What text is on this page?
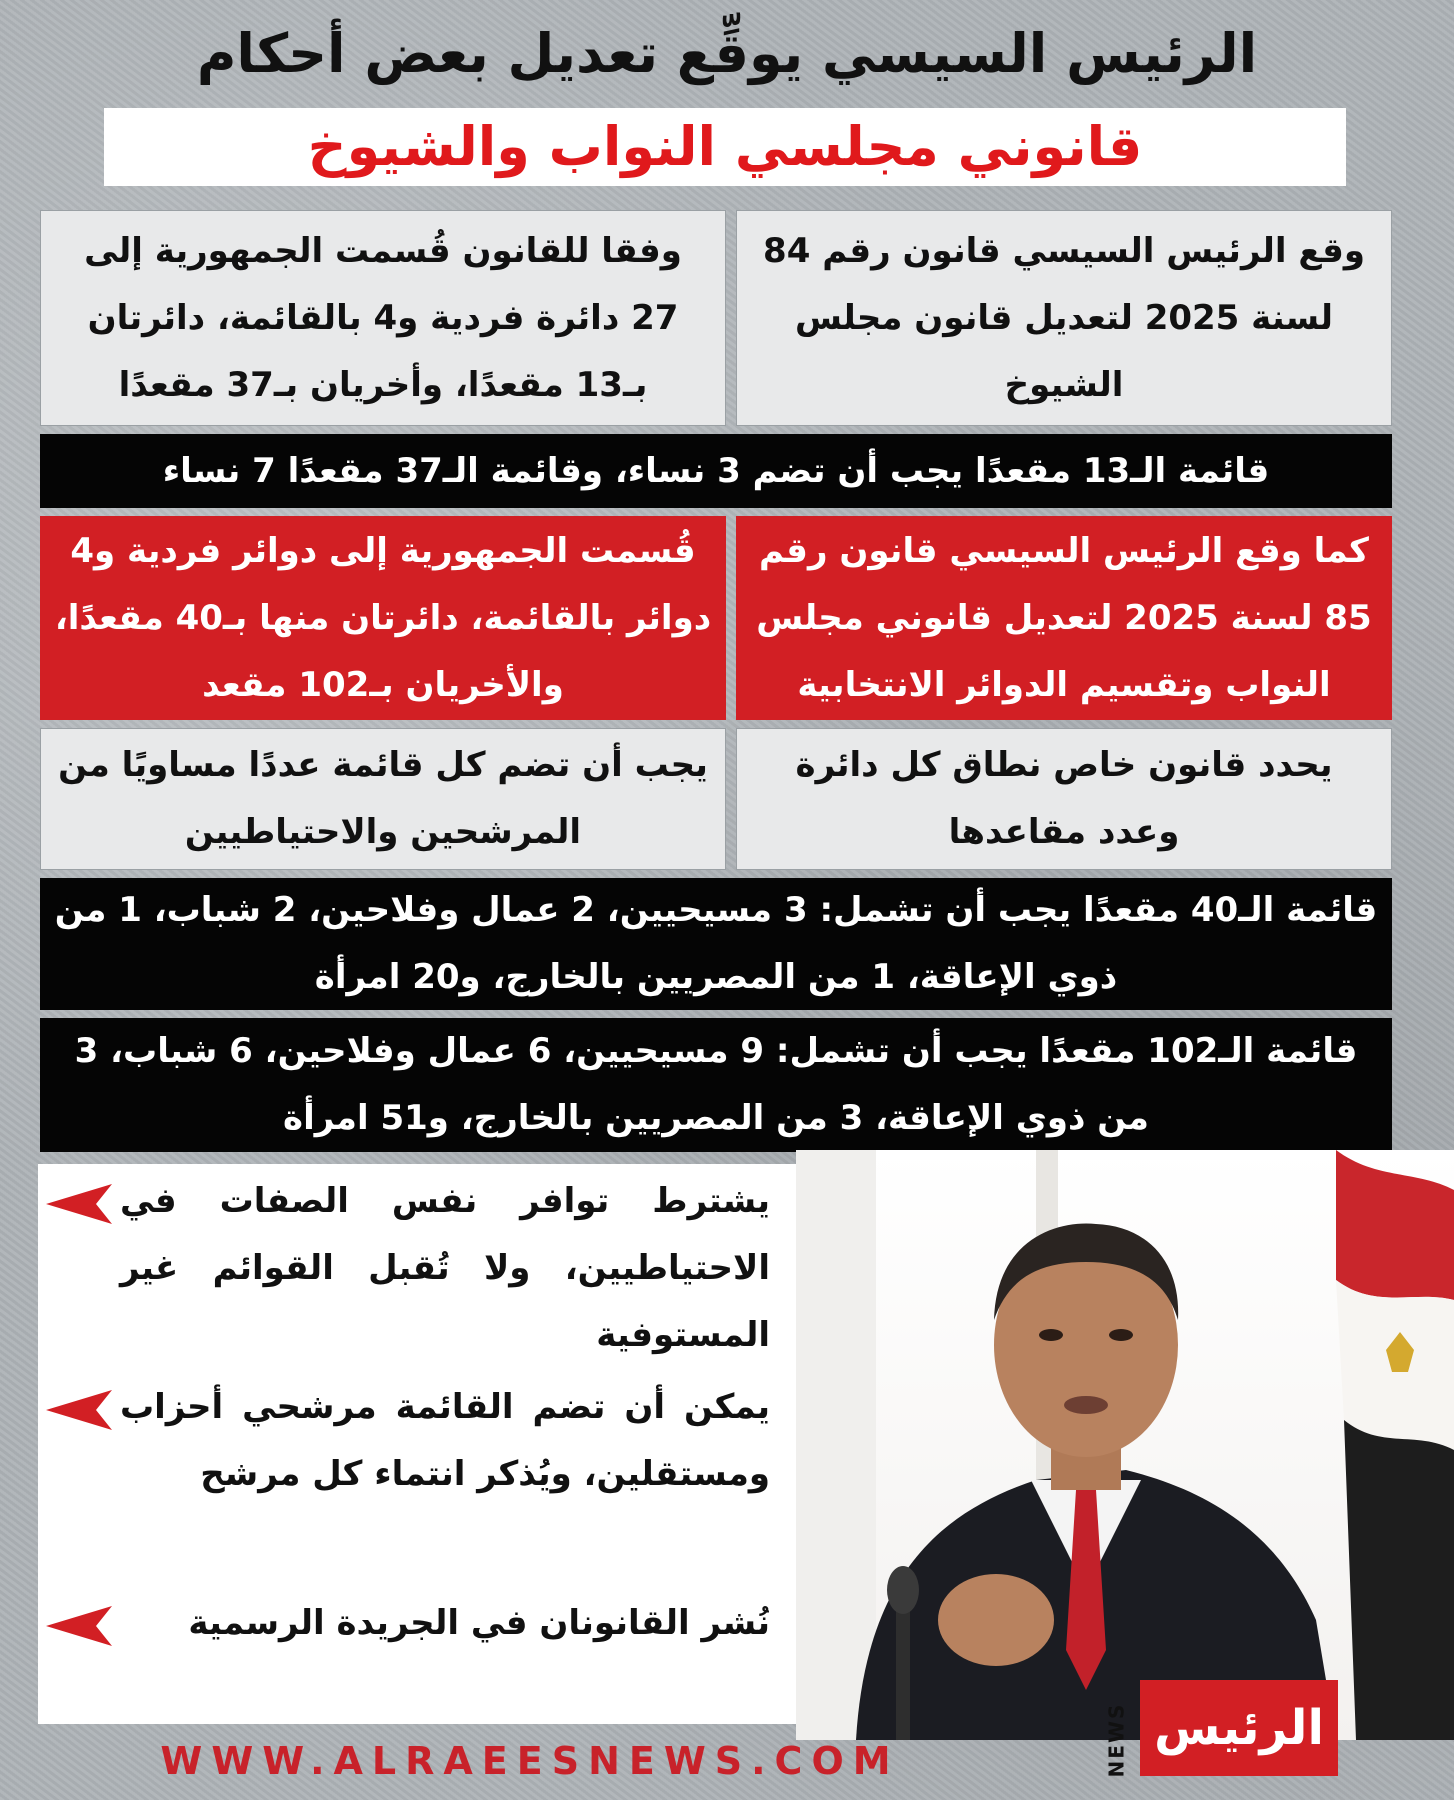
الرئيس السيسي يوقِّع تعديل بعض أحكام
قانوني مجلسي النواب والشيوخ
وقع الرئيس السيسي قانون رقم 84 لسنة 2025 لتعديل قانون مجلس الشيوخ
وفقا للقانون قُسمت الجمهورية إلى 27 دائرة فردية و4 بالقائمة، دائرتان بـ13 مقعدًا، وأخريان بـ37 مقعدًا
قائمة الـ13 مقعدًا يجب أن تضم 3 نساء، وقائمة الـ37 مقعدًا 7 نساء
كما وقع الرئيس السيسي قانون رقم 85 لسنة 2025 لتعديل قانوني مجلس النواب وتقسيم الدوائر الانتخابية
قُسمت الجمهورية إلى دوائر فردية و4 دوائر بالقائمة، دائرتان منها بـ40 مقعدًا، والأخريان بـ102 مقعد
يحدد قانون خاص نطاق كل دائرة وعدد مقاعدها
يجب أن تضم كل قائمة عددًا مساويًا من المرشحين والاحتياطيين
قائمة الـ40 مقعدًا يجب أن تشمل: 3 مسيحيين، 2 عمال وفلاحين، 2 شباب، 1 من ذوي الإعاقة، 1 من المصريين بالخارج، و20 امرأة
قائمة الـ102 مقعدًا يجب أن تشمل: 9 مسيحيين، 6 عمال وفلاحين، 6 شباب، 3 من ذوي الإعاقة، 3 من المصريين بالخارج، و51 امرأة
يشترط توافر نفس الصفات في الاحتياطيين، ولا تُقبل القوائم غير المستوفية
يمكن أن تضم القائمة مرشحي أحزاب ومستقلين، ويُذكر انتماء كل مرشح
نُشر القانونان في الجريدة الرسمية
NEWS الرئيس
WWW.ALRAEESNEWS.COM
